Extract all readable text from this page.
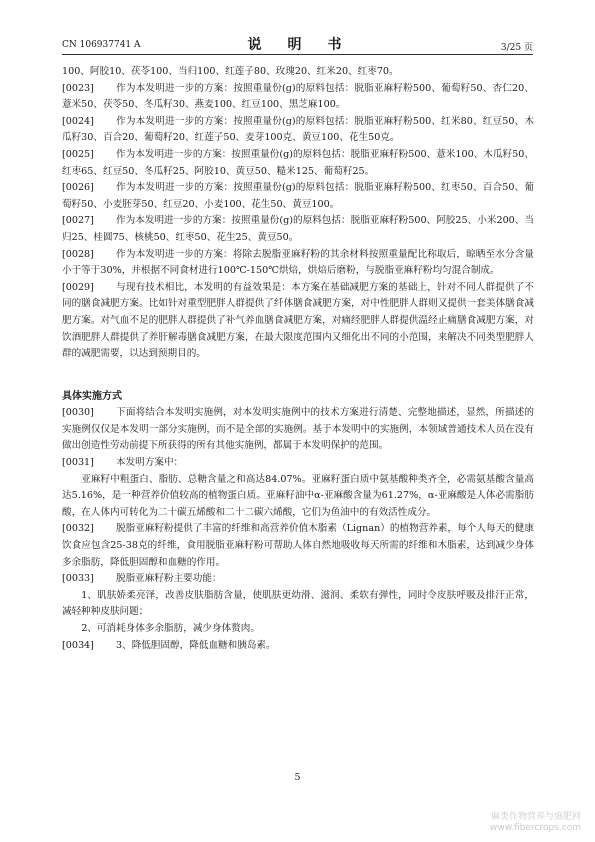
CN 106937741 A	说　明　书	3/25 页

100、阿胶10、茯苓100、当归100、红莲子80、玫瑰20、红米20、红枣70。

[0023] 作为本发明进一步的方案：按照重量份(g)的原料包括：脱脂亚麻籽粉500、葡萄籽50、杏仁20、薏米50、茯苓50、冬瓜籽30、燕麦100、红豆100、黑芝麻100。

[0024] 作为本发明进一步的方案：按照重量份(g)的原料包括：脱脂亚麻籽粉500、红米80、红豆50、木瓜籽30、百合20、葡萄籽20、红莲子50、麦芽100克、黄豆100、花生50克。

[0025] 作为本发明进一步的方案：按照重量份(g)的原料包括：脱脂亚麻籽粉500、薏米100、木瓜籽50、红枣65、红豆50、冬瓜籽25、阿胶10、黄豆50、糙米125、葡萄籽25。

[0026] 作为本发明进一步的方案：按照重量份(g)的原料包括：脱脂亚麻籽粉500、红枣50、百合50、葡萄籽50、小麦胚芽50、红豆20、小麦100、花生50、黄豆100。

[0027] 作为本发明进一步的方案：按照重量份(g)的原料包括：脱脂亚麻籽粉500、阿胶25、小米200、当归25、桂圆75、核桃50、红枣50、花生25、黄豆50。

[0028] 作为本发明进一步的方案：将除去脱脂亚麻籽粉的其余材料按照重量配比称取后，晾晒至水分含量小于等于30%，并根据不同食材进行100℃-150℃烘焙，烘焙后磨粉，与脱脂亚麻籽粉均匀混合制成。

[0029] 与现有技术相比，本发明的有益效果是：本方案在基础减肥方案的基础上，针对不同人群提供了不同的膳食减肥方案。比如针对重型肥胖人群提供了纤体膳食减肥方案，对中性肥胖人群则又提供一套美体膳食减肥方案。对气血不足的肥胖人群提供了补气养血膳食减肥方案，对痛经肥胖人群提供温经止痛膳食减肥方案，对饮酒肥胖人群提供了养肝解毒膳食减肥方案，在最大限度范围内又细化出不同的小范围，来解决不同类型肥胖人群的减肥需要，以达到预期目的。

具体实施方式

[0030] 下面将结合本发明实施例，对本发明实施例中的技术方案进行清楚、完整地描述，显然，所描述的实施例仅仅是本发明一部分实施例，而不是全部的实施例。基于本发明中的实施例，本领域普通技术人员在没有做出创造性劳动前提下所获得的所有其他实施例，都属于本发明保护的范围。

[0031] 本发明方案中：

亚麻籽中粗蛋白、脂肪、总糖含量之和高达84.07%。亚麻籽蛋白质中氨基酸种类齐全，必需氨基酸含量高达5.16%，是一种营养价值较高的植物蛋白质。亚麻籽油中α-亚麻酸含量为61.27%，α-亚麻酸是人体必需脂肪酸，在人体内可转化为二十碳五烯酸和二十二碳六烯酸，它们为鱼油中的有效活性成分。

[0032] 脱脂亚麻籽粉提供了丰富的纤维和高营养价值木脂素（Lignan）的植物营养素，每个人每天的健康饮食应包含25-38克的纤维，食用脱脂亚麻籽粉可帮助人体自然地吸收每天所需的纤维和木脂素，达到减少身体多余脂肪，降低胆固醇和血糖的作用。

[0033] 脱脂亚麻籽粉主要功能：

1、肌肤娇柔亮泽，改善皮肤脂肪含量，使肌肤更幼滑、滋润、柔软有弹性，同时令皮肤呼吸及排汗正常，减轻种种皮肤问题；

2、可消耗身体多余脂肪，减少身体赘肉。

[0034] 3、降低胆固醇，降低血糖和胰岛素。

5
麻类作物营养与施肥网
www.fibercrops.com
